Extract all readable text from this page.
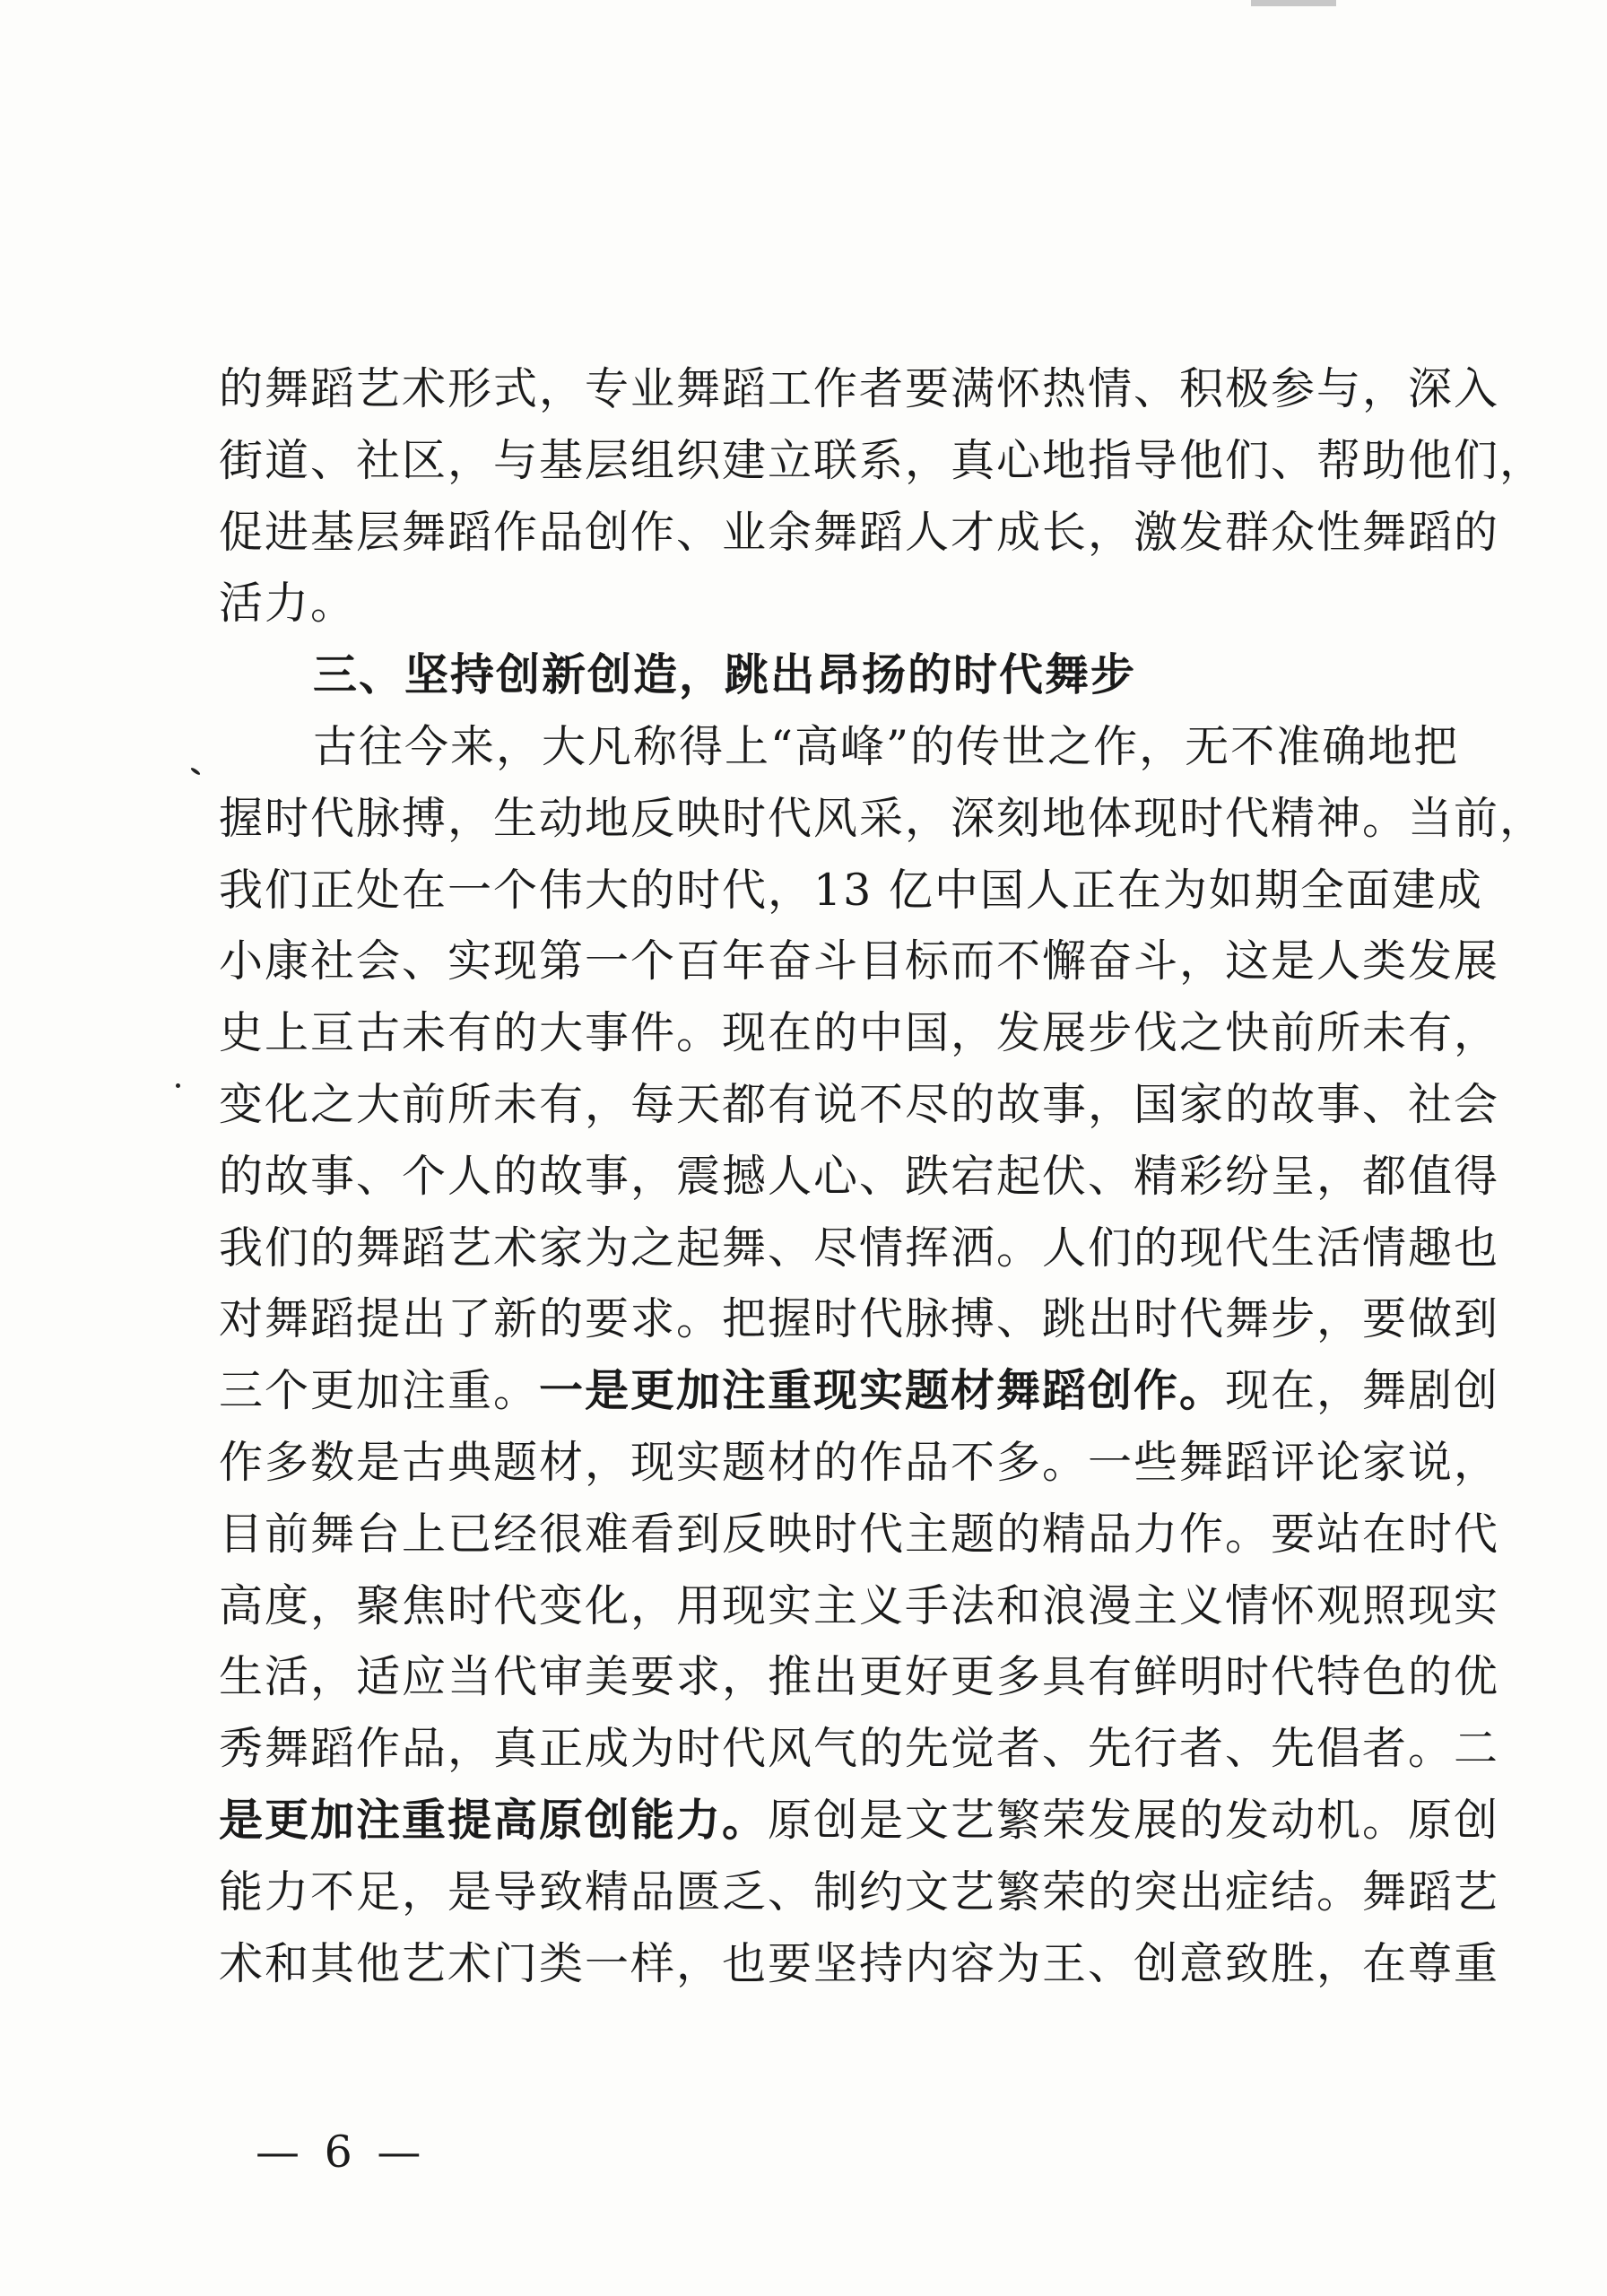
的舞蹈艺术形式，专业舞蹈工作者要满怀热情、积极参与，深入
街道、社区，与基层组织建立联系，真心地指导他们、帮助他们，
促进基层舞蹈作品创作、业余舞蹈人才成长，激发群众性舞蹈的
活力。
三、坚持创新创造，跳出昂扬的时代舞步
古往今来，大凡称得上“高峰”的传世之作，无不准确地把
握时代脉搏，生动地反映时代风采，深刻地体现时代精神。当前，
我们正处在一个伟大的时代，13 亿中国人正在为如期全面建成
小康社会、实现第一个百年奋斗目标而不懈奋斗，这是人类发展
史上亘古未有的大事件。现在的中国，发展步伐之快前所未有，
变化之大前所未有，每天都有说不尽的故事，国家的故事、社会
的故事、个人的故事，震撼人心、跌宕起伏、精彩纷呈，都值得
我们的舞蹈艺术家为之起舞、尽情挥洒。人们的现代生活情趣也
对舞蹈提出了新的要求。把握时代脉搏、跳出时代舞步，要做到
三个更加注重。一是更加注重现实题材舞蹈创作。现在，舞剧创
作多数是古典题材，现实题材的作品不多。一些舞蹈评论家说，
目前舞台上已经很难看到反映时代主题的精品力作。要站在时代
高度，聚焦时代变化，用现实主义手法和浪漫主义情怀观照现实
生活，适应当代审美要求，推出更好更多具有鲜明时代特色的优
秀舞蹈作品，真正成为时代风气的先觉者、先行者、先倡者。二
是更加注重提高原创能力。原创是文艺繁荣发展的发动机。原创
能力不足，是导致精品匮乏、制约文艺繁荣的突出症结。舞蹈艺
术和其他艺术门类一样，也要坚持内容为王、创意致胜，在尊重
— 6 —
